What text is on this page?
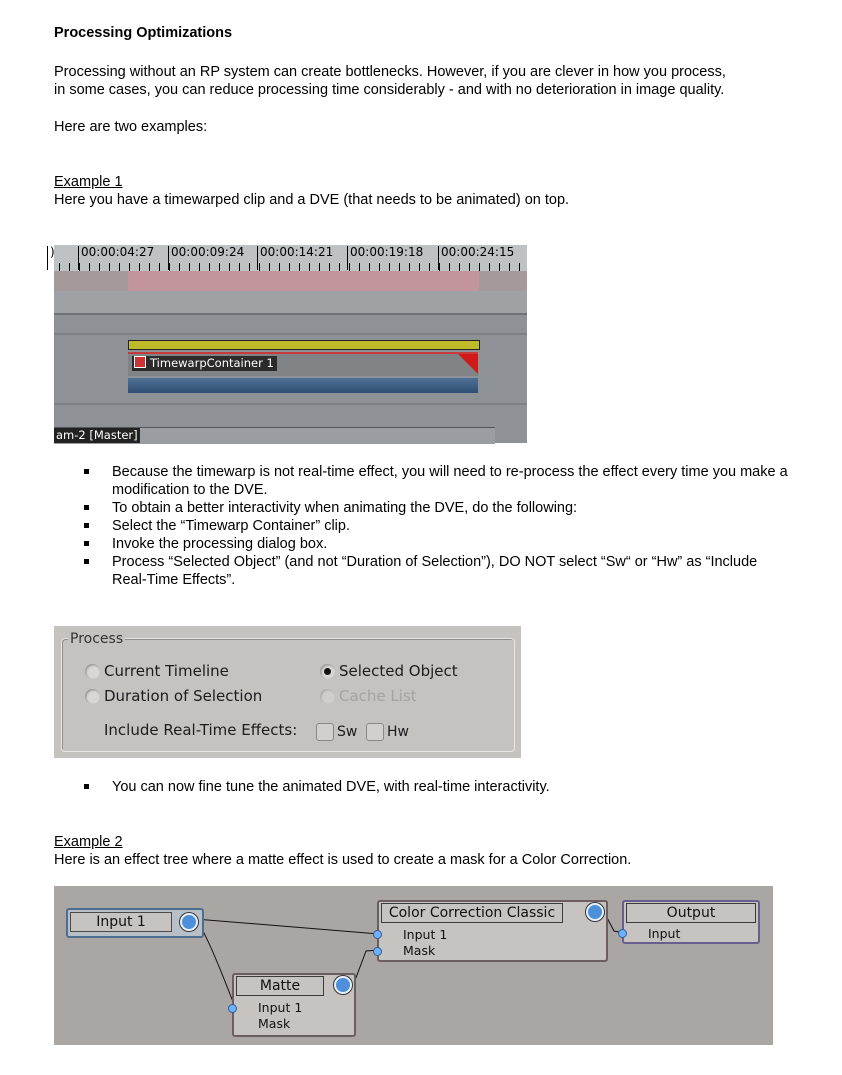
Processing Optimizations
Processing without an RP system can create bottlenecks. However, if you are clever in how you process,
in some cases, you can reduce processing time considerably - and with no deterioration in image quality.
Here are two examples:
Example 1
Here you have a timewarped clip and a DVE (that needs to be animated) on top.
) 00:00:04:27 00:00:09:24 00:00:14:21 00:00:19:18 00:00:24:15
TimewarpContainer 1
am-2 [Master]
Because the timewarp is not real-time effect, you will need to re-process the effect every time you make a modification to the DVE.
To obtain a better interactivity when animating the DVE, do the following:
Select the “Timewarp Container” clip.
Invoke the processing dialog box.
Process “Selected Object” (and not “Duration of Selection”), DO NOT select “Sw“ or “Hw” as “Include Real-Time Effects”.
Process
Current Timeline
Duration of Selection
Selected Object
Cache List
Include Real-Time Effects:	Sw Hw
You can now fine tune the animated DVE, with real-time interactivity.
Example 2
Here is an effect tree where a matte effect is used to create a mask for a Color Correction.
Input 1
Matte
Input 1
Mask
Color Correction Classic
Input 1
Mask
Output
Input
